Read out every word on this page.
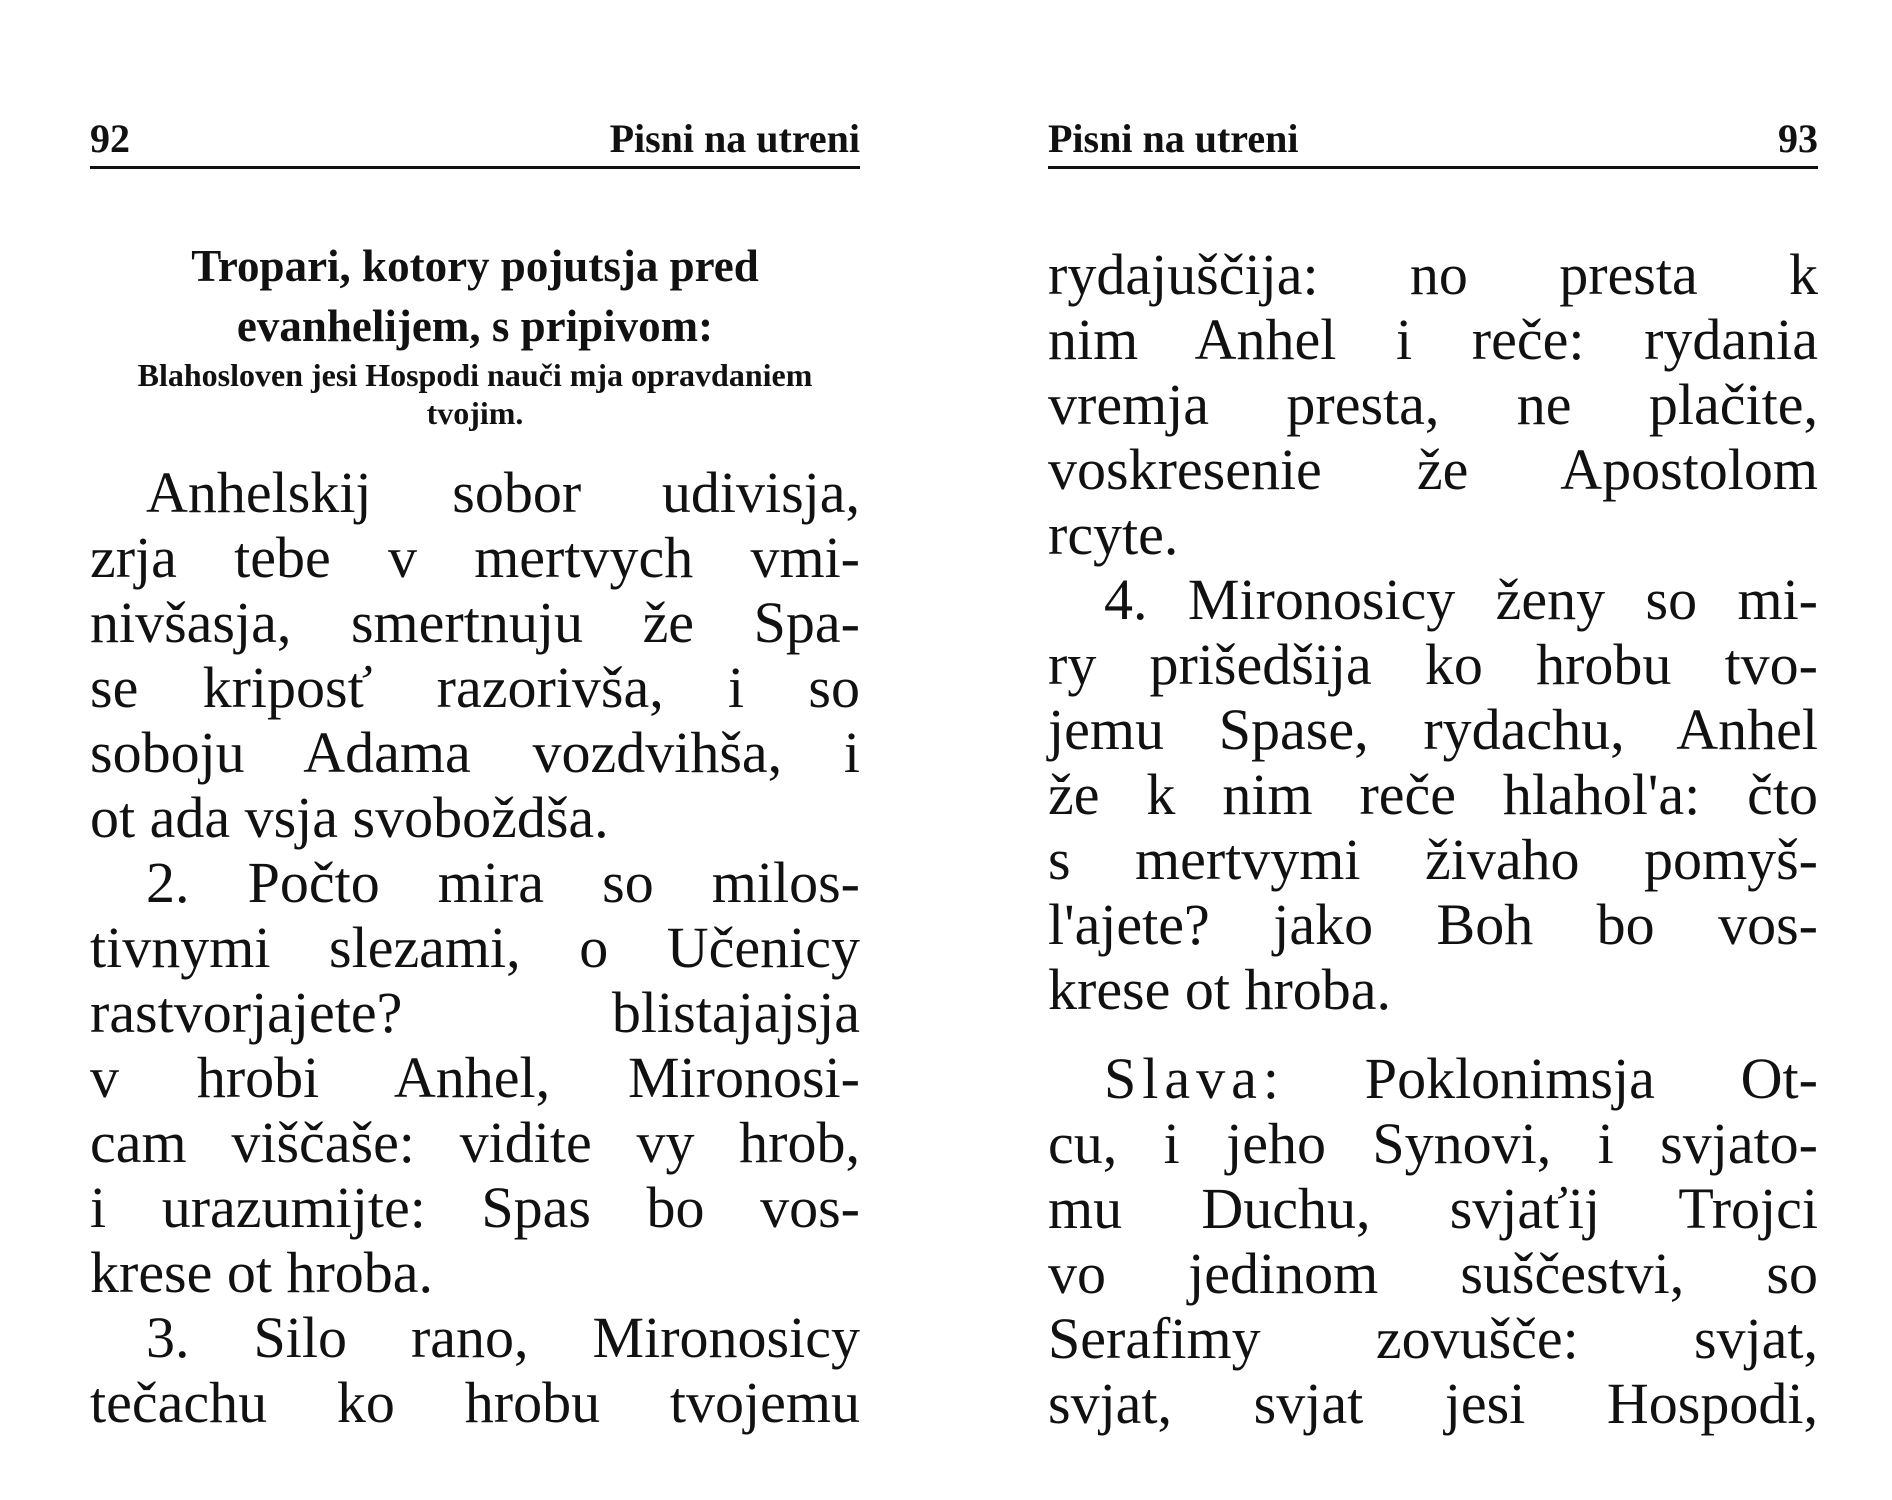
92	Pisni na utreni
Tropari, kotory pojutsja pred evanhelijem, s pripivom:
Blahosloven jesi Hospodi nauči mja opravdaniem tvojim.
Anhelskij sobor udivisja,
zrja tebe v mertvych vmi-
nivšasja, smertnuju že Spa-
se kriposť razorivša, i so
soboju Adama vozdvihša, i
ot ada vsja svoboždša.
2. Počto mira so milos-
tivnymi slezami, o Učenicy
rastvorjajete? blistajajsja
v hrobi Anhel, Mironosi-
cam viščaše: vidite vy hrob,
i urazumijte: Spas bo vos-
krese ot hroba.
3. Silo rano, Mironosicy
tečachu ko hrobu tvojemu
Pisni na utreni	93
rydajuščija: no presta k
nim Anhel i reče: rydania
vremja presta, ne plačite,
voskresenie že Apostolom
rcyte.
4. Mironosicy ženy so mi-
ry prišedšija ko hrobu tvo-
jemu Spase, rydachu, Anhel
že k nim reče hlahol'a: čto
s mertvymi živaho pomyš-
l'ajete? jako Boh bo vos-
krese ot hroba.
Slava: Poklonimsja Ot-
cu, i jeho Synovi, i svjato-
mu Duchu, svjaťij Trojci
vo jedinom suščestvi, so
Serafimy zovušče: svjat,
svjat, svjat jesi Hospodi,
